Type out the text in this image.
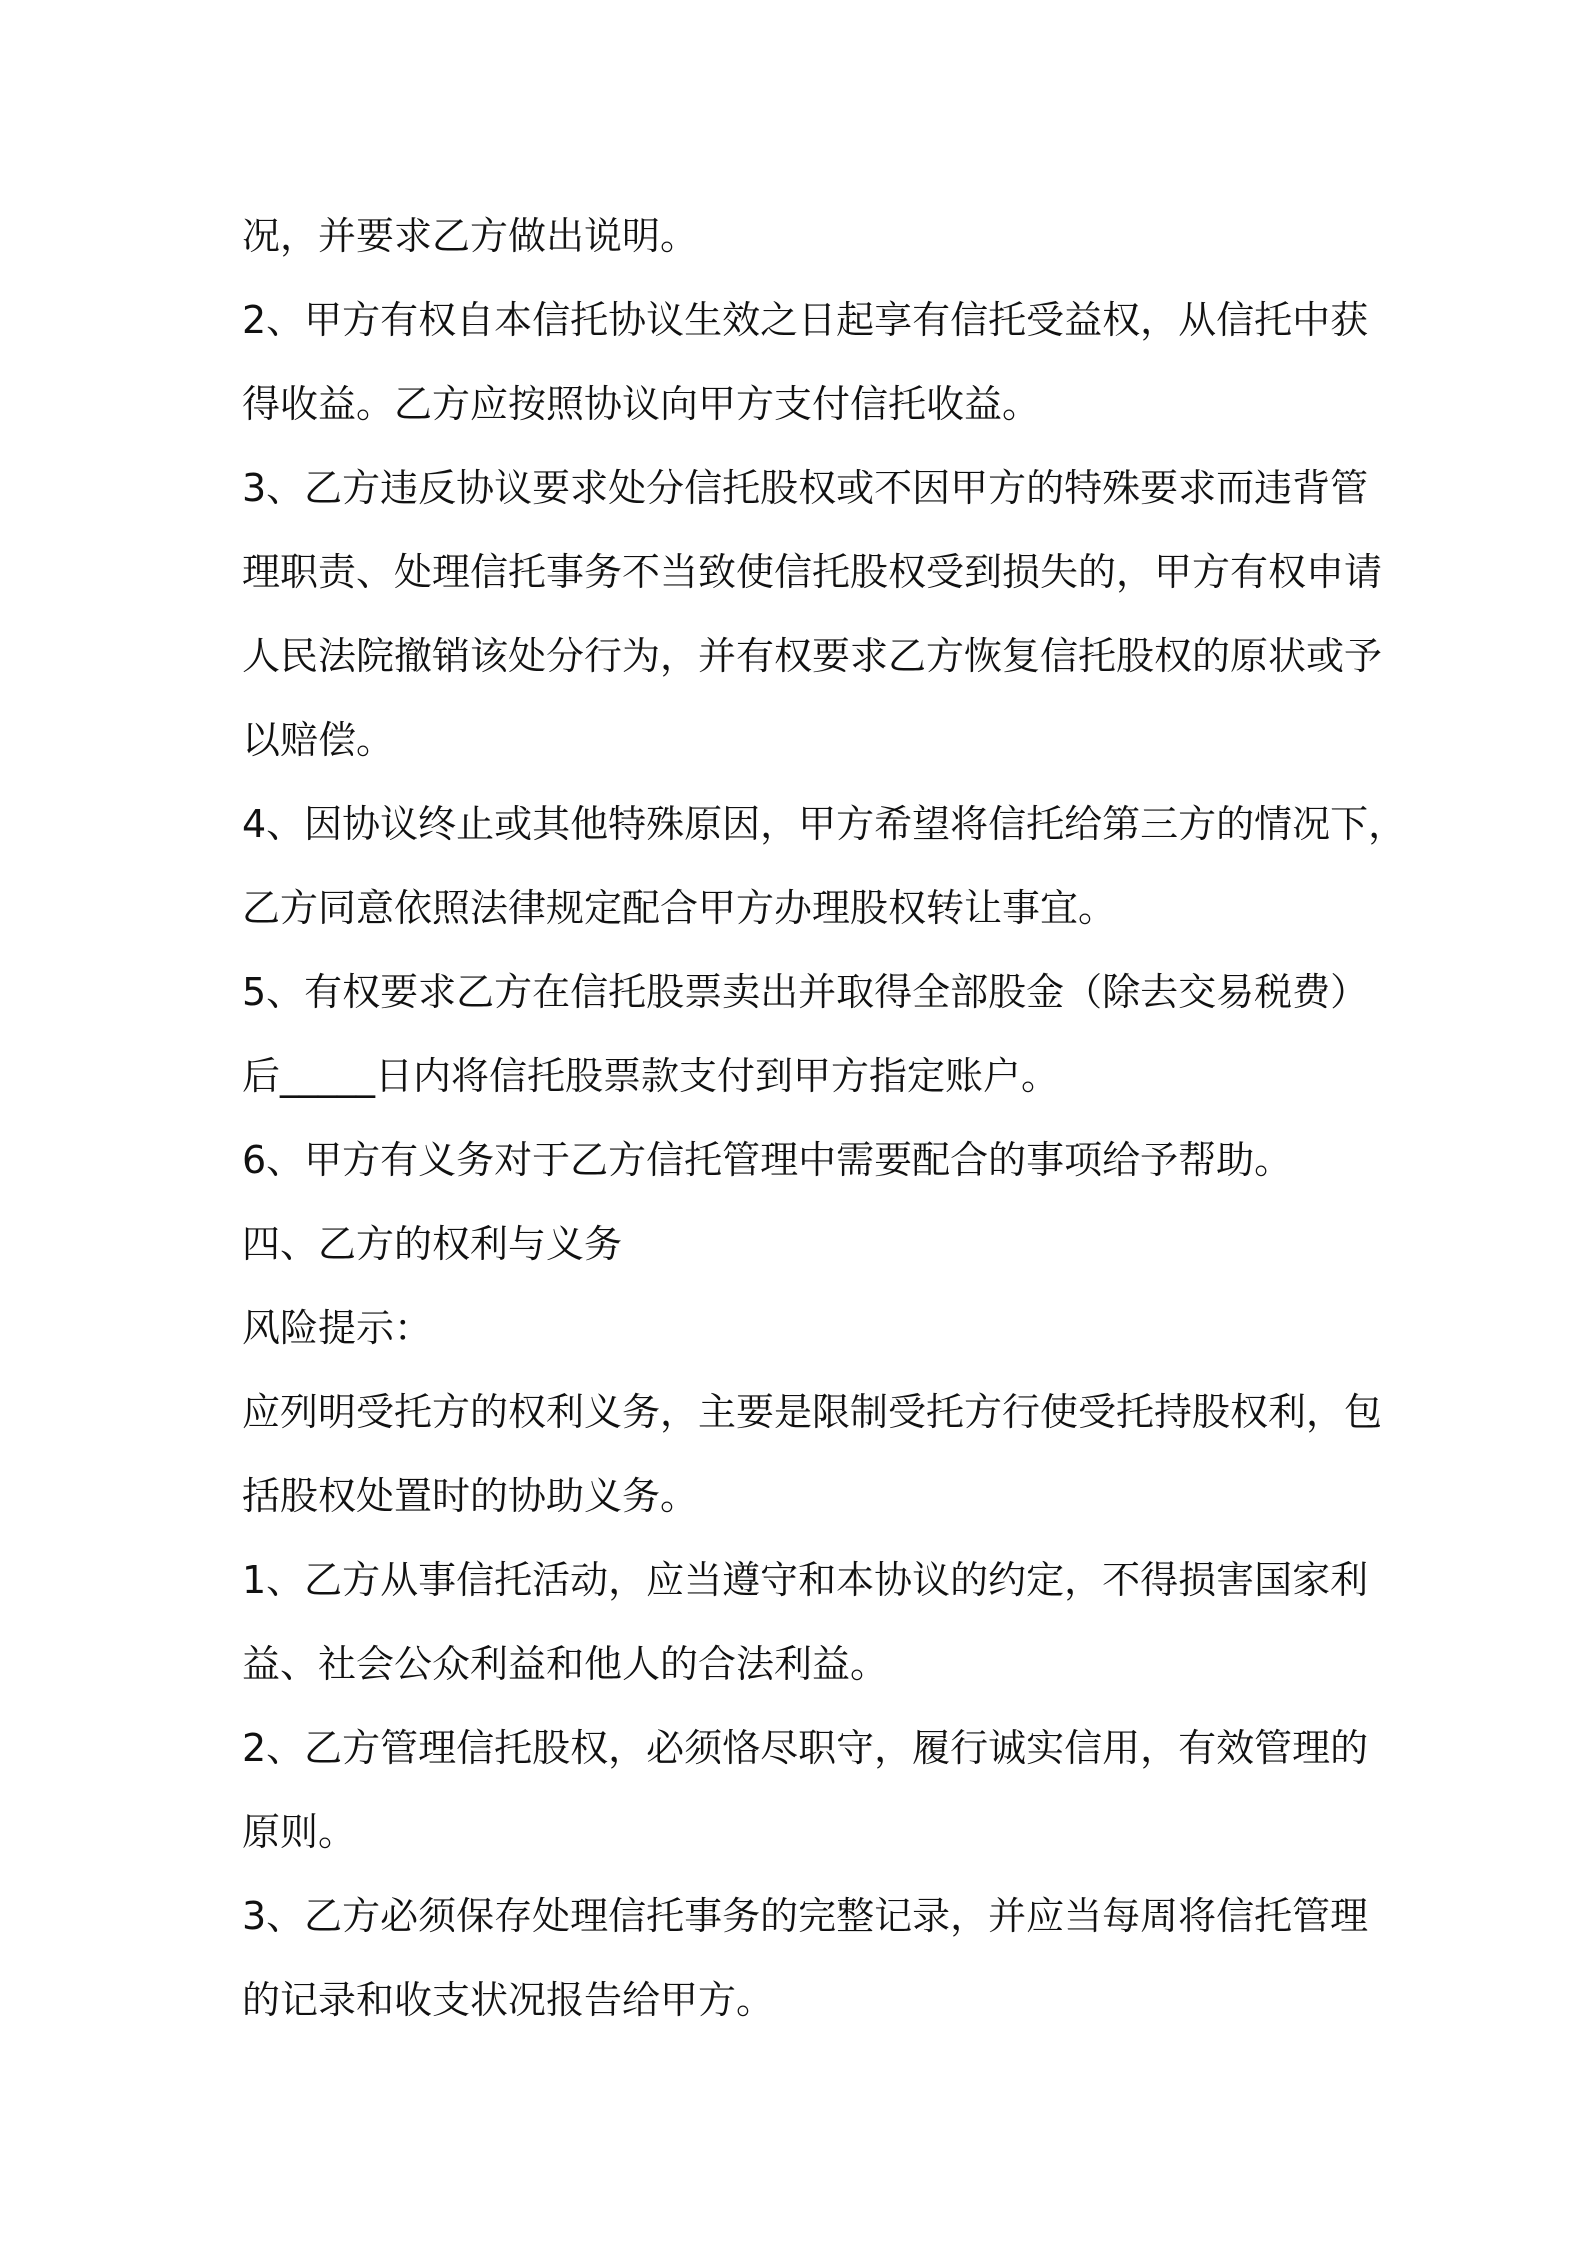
况，并要求乙方做出说明。
2、甲方有权自本信托协议生效之日起享有信托受益权，从信托中获
得收益。乙方应按照协议向甲方支付信托收益。
3、乙方违反协议要求处分信托股权或不因甲方的特殊要求而违背管
理职责、处理信托事务不当致使信托股权受到损失的，甲方有权申请
人民法院撤销该处分行为，并有权要求乙方恢复信托股权的原状或予
以赔偿。
4、因协议终止或其他特殊原因，甲方希望将信托给第三方的情况下，
乙方同意依照法律规定配合甲方办理股权转让事宜。
5、有权要求乙方在信托股票卖出并取得全部股金（除去交易税费）
后_____日内将信托股票款支付到甲方指定账户。
6、甲方有义务对于乙方信托管理中需要配合的事项给予帮助。
四、乙方的权利与义务
风险提示：
应列明受托方的权利义务，主要是限制受托方行使受托持股权利，包
括股权处置时的协助义务。
1、乙方从事信托活动，应当遵守和本协议的约定，不得损害国家利
益、社会公众利益和他人的合法利益。
2、乙方管理信托股权，必须恪尽职守，履行诚实信用，有效管理的
原则。
3、乙方必须保存处理信托事务的完整记录，并应当每周将信托管理
的记录和收支状况报告给甲方。
